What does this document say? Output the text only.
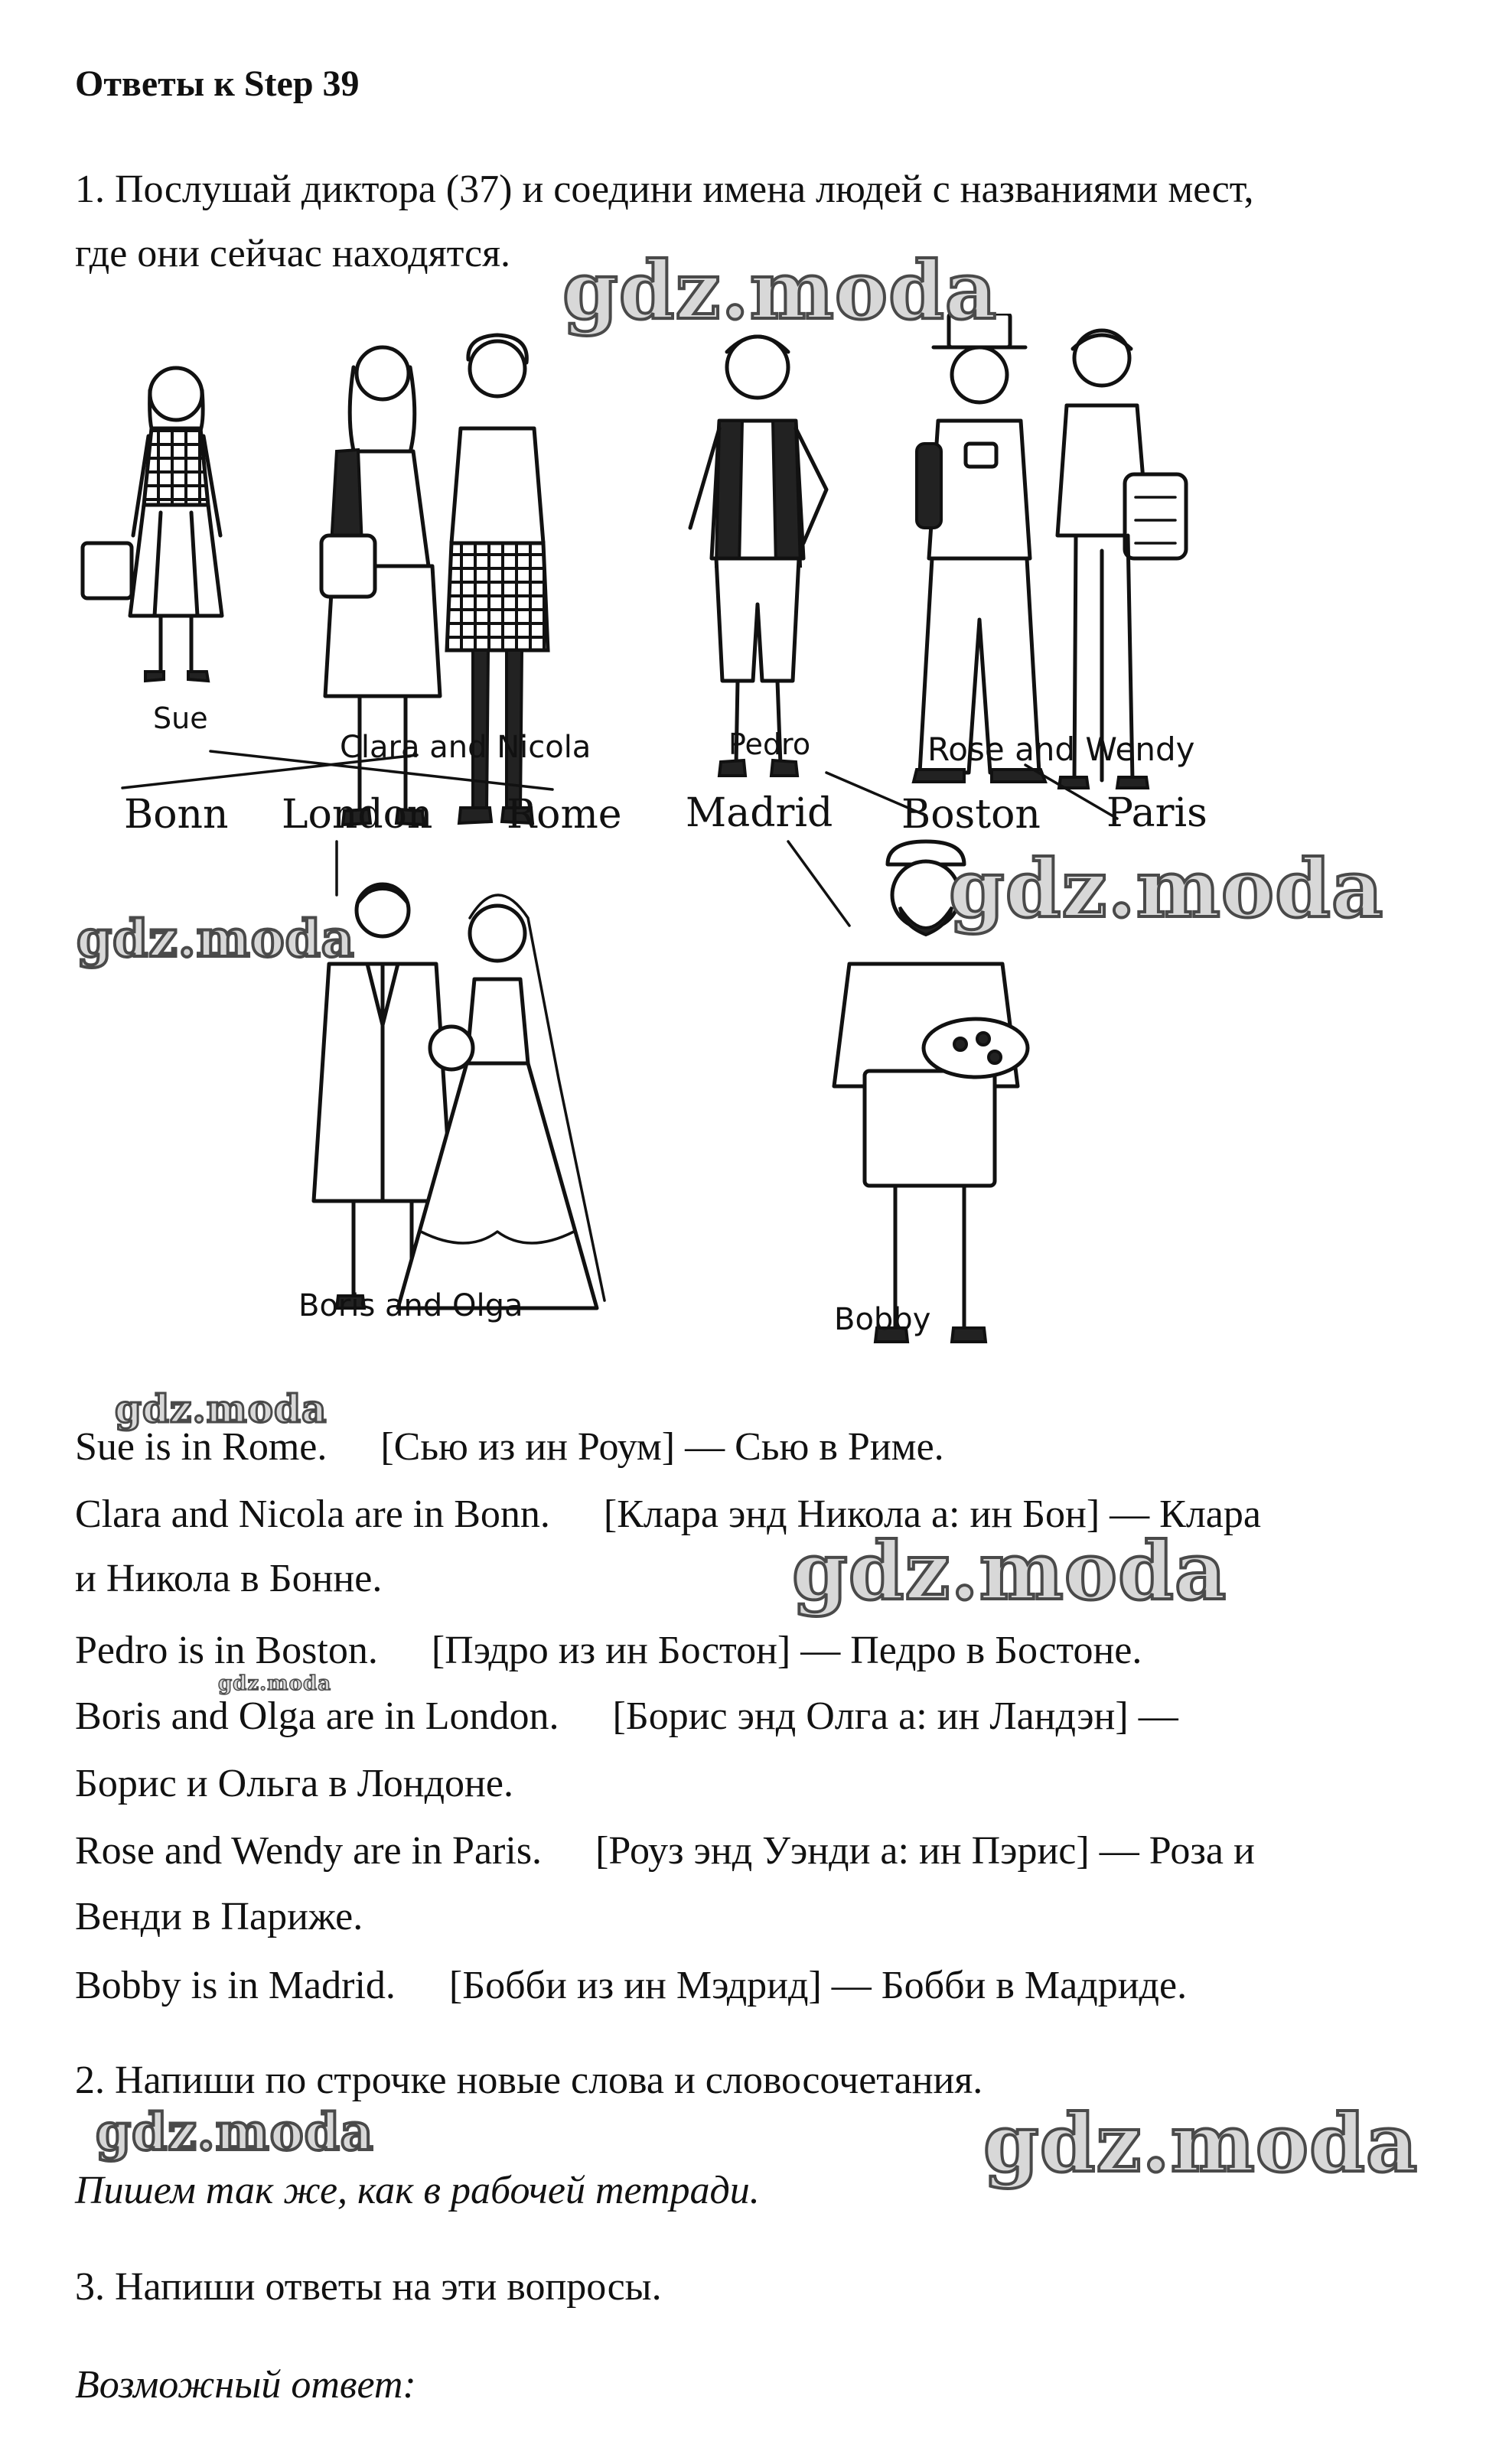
Ответы к Step 39
1. Послушай диктора (37) и соедини имена людей с названиями мест,
где они сейчас находятся.
Sue
Clara and Nicola	Pedro	Rose and Wendy
Boris and Olga	Bobby
Bonn London Rome Madrid Boston Paris
Sue is in Rome. [Сью из ин Роум] — Сью в Риме.
Clara and Nicola are in Bonn. [Клара энд Никола а: ин Бон] — Клара
и Никола в Бонне.
Pedro is in Boston. [Пэдро из ин Бостон] — Педро в Бостоне.
Boris and Olga are in London. [Борис энд Олга а: ин Ландэн] —
Борис и Ольга в Лондоне.
Rose and Wendy are in Paris. [Роуз энд Уэнди а: ин Пэрис] — Роза и
Венди в Париже.
Bobby is in Madrid. [Бобби из ин Мэдрид] — Бобби в Мадриде.
2. Напиши по строчке новые слова и словосочетания.
Пишем так же, как в рабочей тетради.
3. Напиши ответы на эти вопросы.
Возможный ответ:
gdz.moda
gdz.moda
gdz.moda
gdz.moda
gdz.moda
gdz.moda
gdz.moda	gdz.moda
